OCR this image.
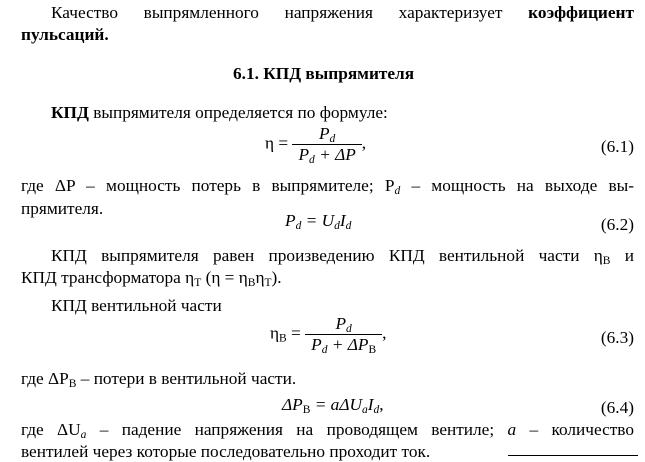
Качество выпрямленного напряжения характеризует коэффициент
пульсаций.
6.1. КПД выпрямителя
КПД выпрямителя определяется по формуле:
$\eta = \frac{P_d}{P_d + \Delta P}$ ,	(6.1)
где ΔP – мощность потерь в выпрямителе; $P_d$ – мощность на выходе вы-
прямителя.
$P_d = U_dI_d$	(6.2)
КПД выпрямителя равен произведению КПД вентильной части $\eta_В$ и
КПД трансформатора $\eta_Т$ $(\eta = \eta_В\eta_Т)$.
КПД вентильной части
$\eta_В = \frac{P_d}{P_d + \Delta P_В}$ ,	(6.3)
где $\Delta P_В$ – потери в вентильной части.
$\Delta P_В = a\Delta U_aI_d$,	(6.4)
где $\Delta U_a$ – падение напряжения на проводящем вентиле; a – количество
вентилей через которые последовательно проходит ток.
